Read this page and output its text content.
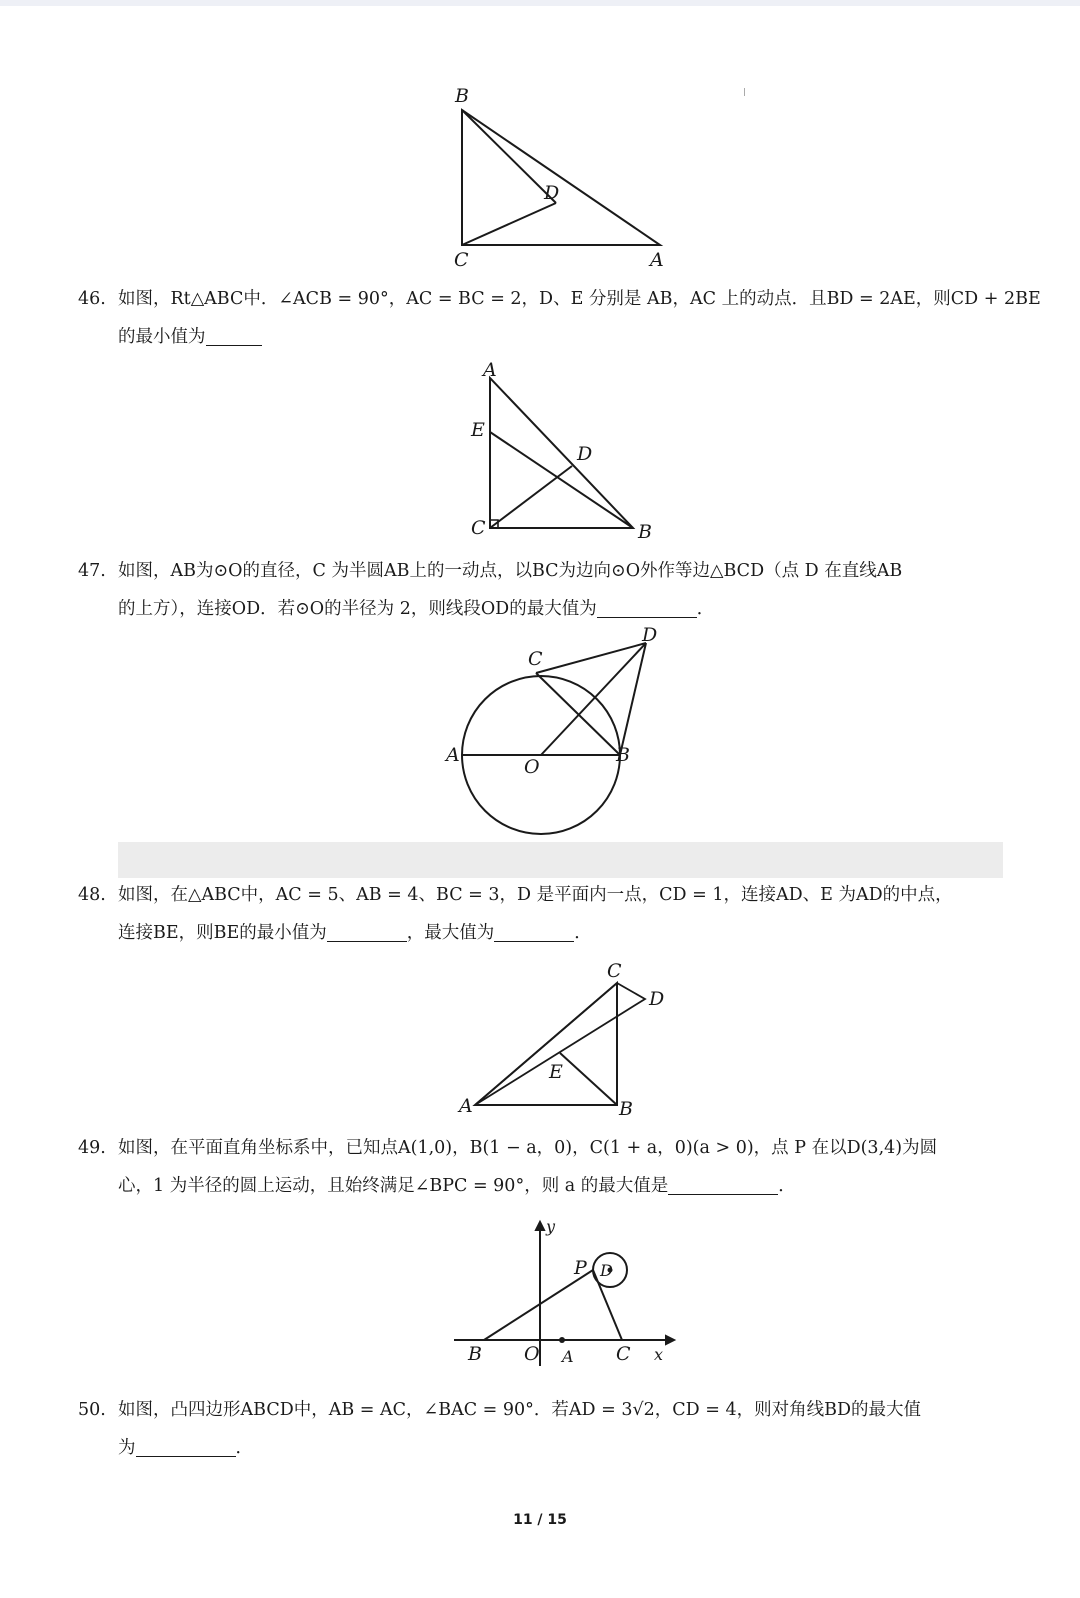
B
C	A
D
46. 如图，Rt△ABC中．∠ACB = 90°，AC = BC = 2，D、E 分别是 AB，AC 上的动点．且BD = 2AE，则CD + 2BE
的最小值为
A
E
D
C	B
47. 如图，AB为⊙O的直径，C 为半圆AB上的一动点，以BC为边向⊙O外作等边△BCD（点 D 在直线AB
的上方），连接OD．若⊙O的半径为 2，则线段OD的最大值为	．
C
D
A
O
B
48. 如图，在△ABC中，AC = 5、AB = 4、BC = 3，D 是平面内一点，CD = 1，连接AD、E 为AD的中点，
连接BE，则BE的最小值为	，最大值为	．
C
D
E
A	B
49. 如图，在平面直角坐标系中，已知点A(1,0)，B(1 − a，0)，C(1 + a，0)(a > 0)，点 P 在以D(3,4)为圆
心，1 为半径的圆上运动，且始终满足∠BPC = 90°，则 a 的最大值是	．
y
P D
B O A C x
50. 如图，凸四边形ABCD中，AB = AC，∠BAC = 90°．若AD = 3√2，CD = 4，则对角线BD的最大值
为	．
11 / 15
